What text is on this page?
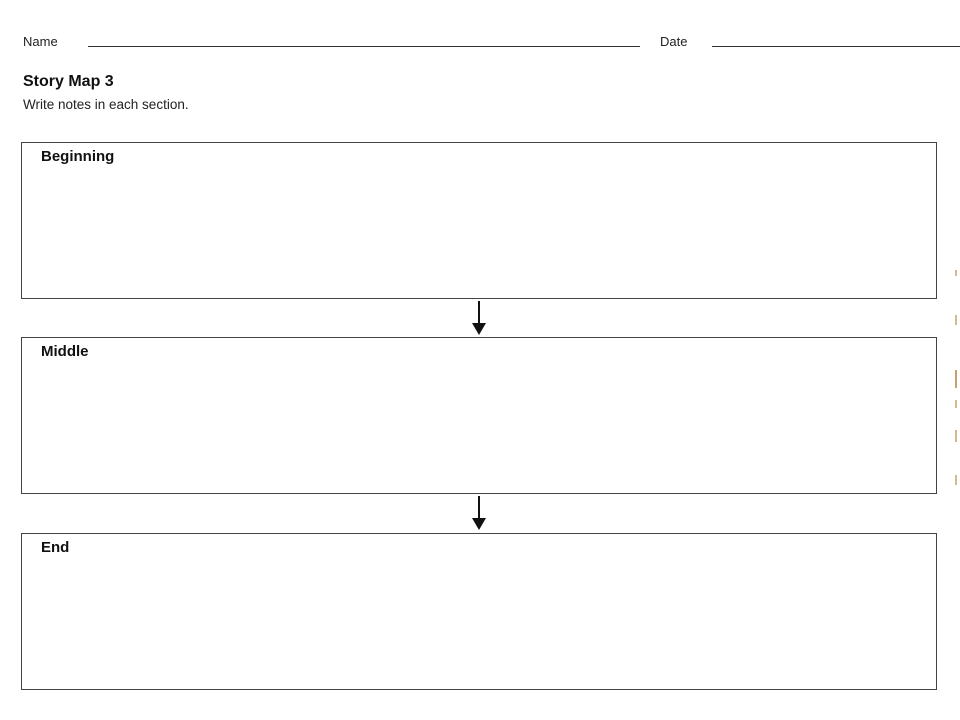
Name	Date
Story Map 3
Write notes in each section.
Beginning
Middle
End
